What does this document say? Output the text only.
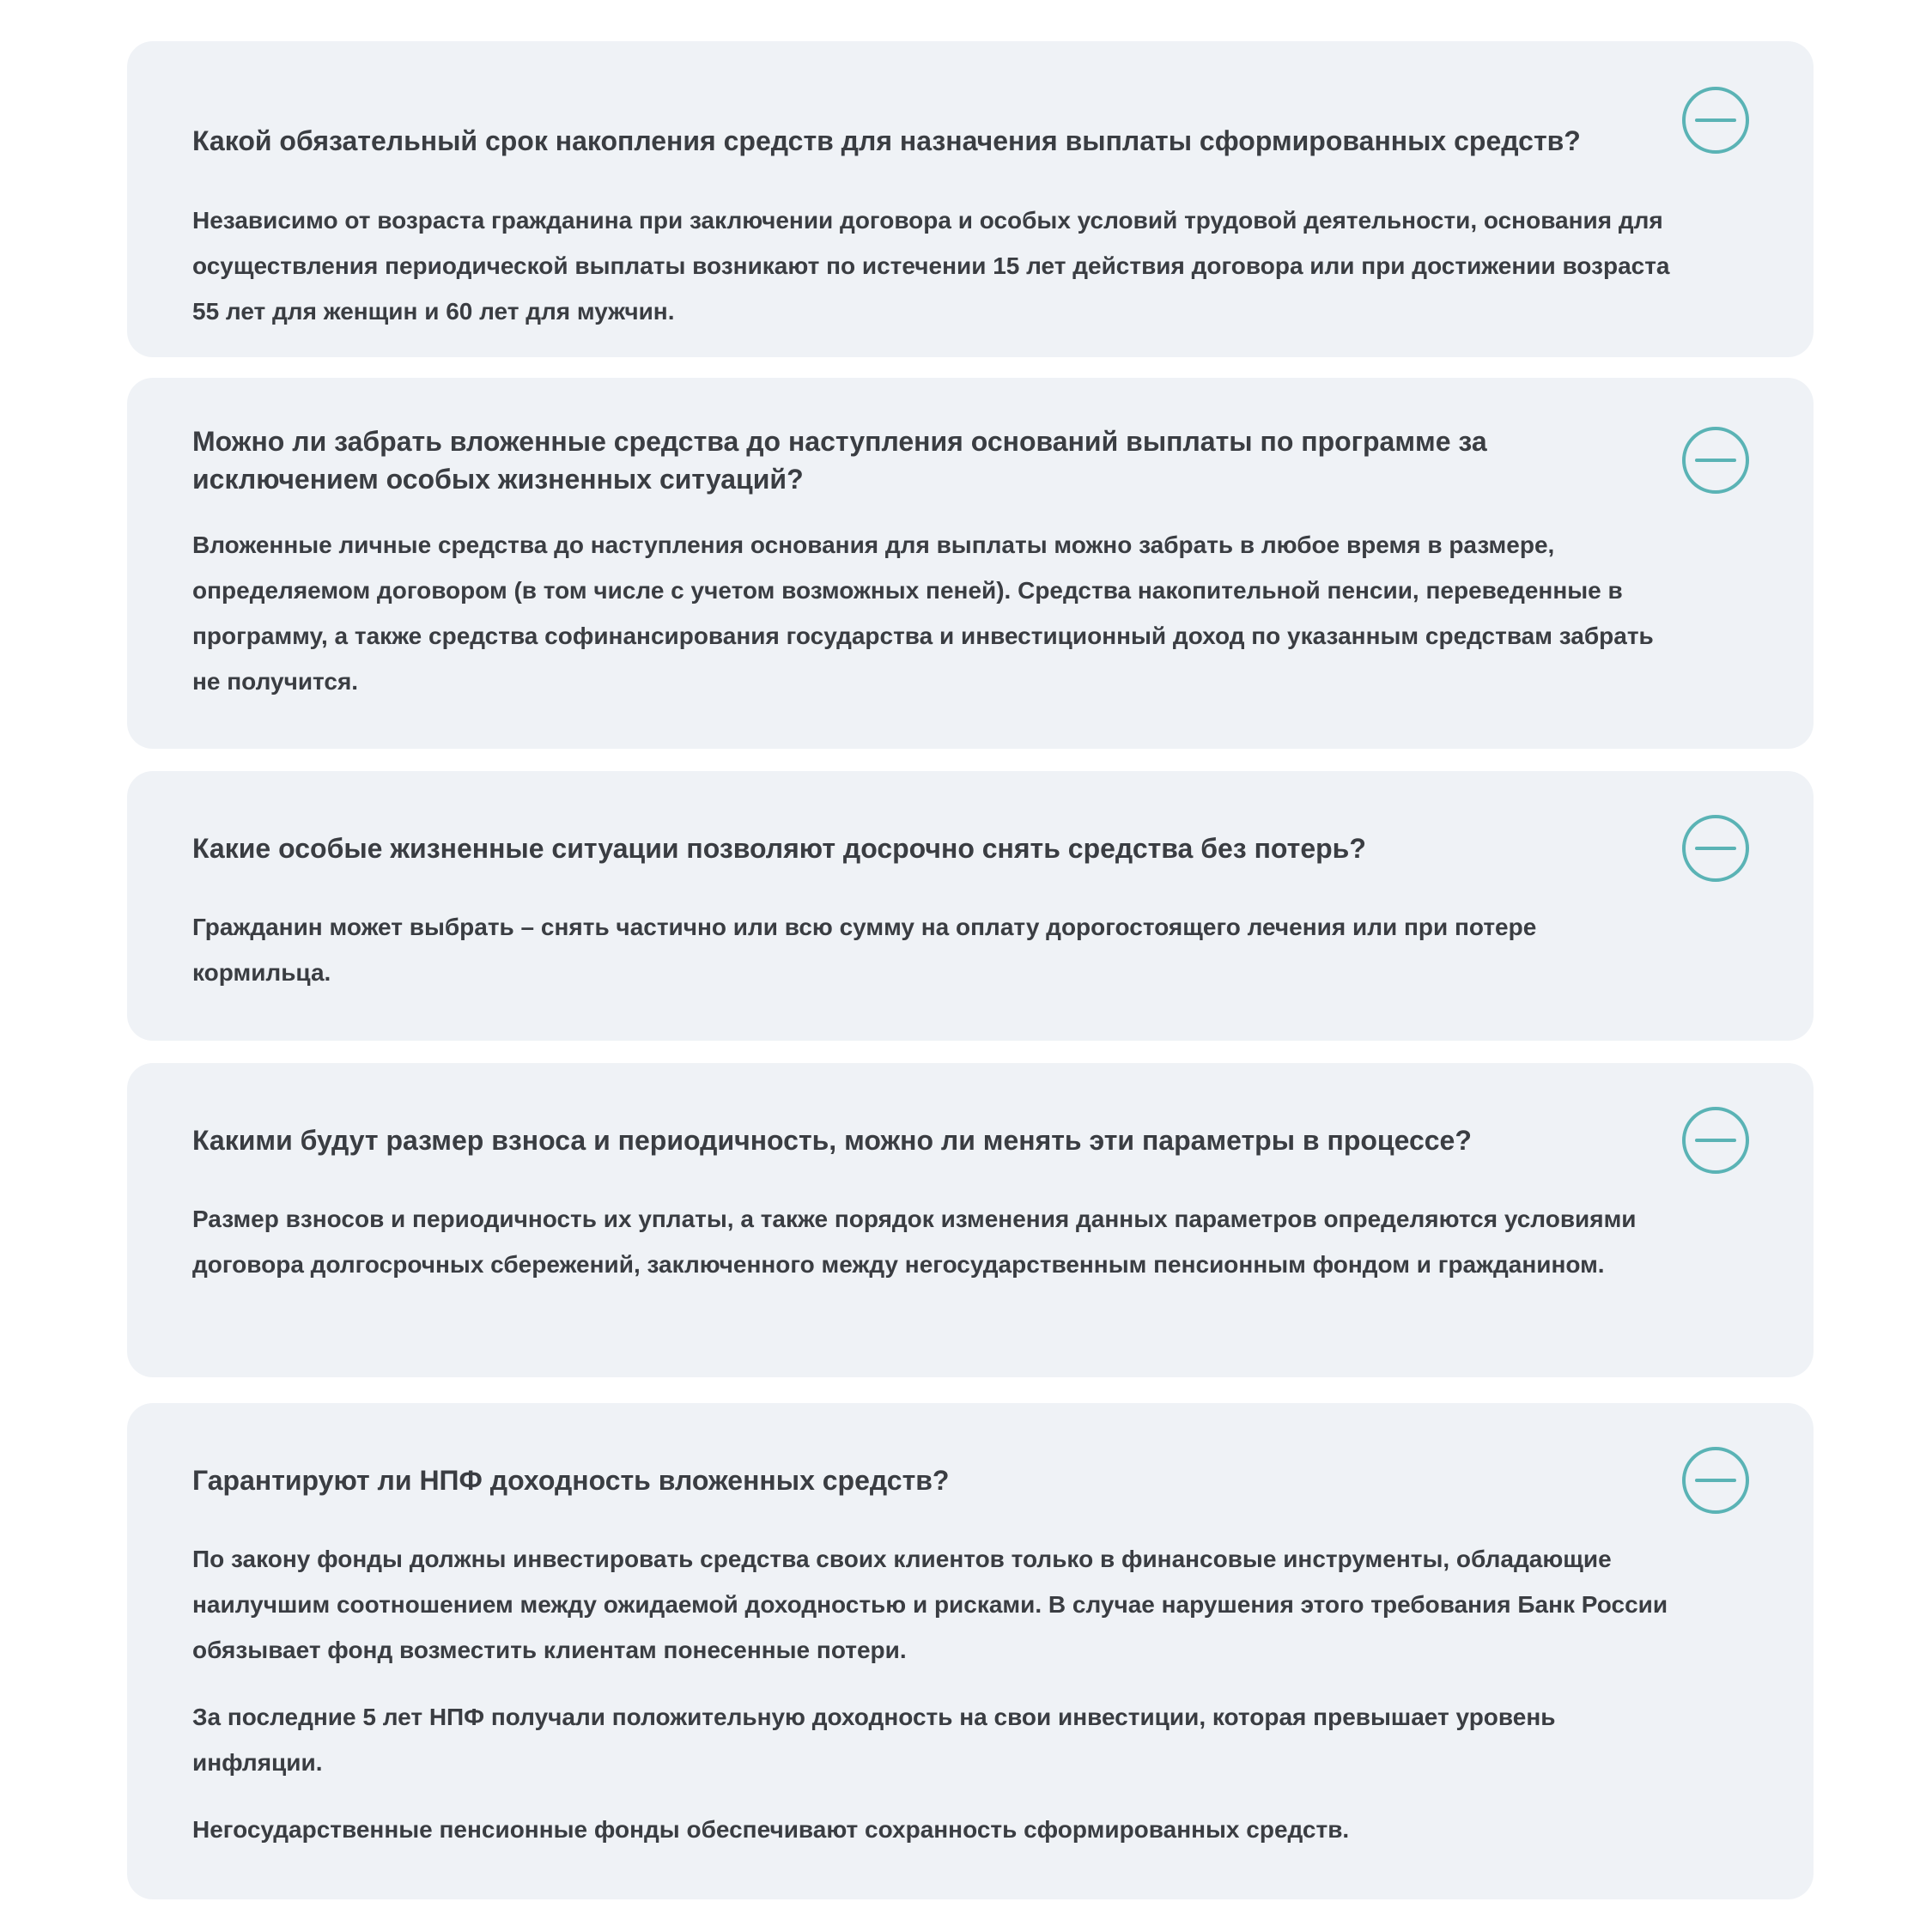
Какой обязательный срок накопления средств для назначения выплаты сформированных средств?

Независимо от возраста гражданина при заключении договора и особых условий трудовой деятельности, основания для осуществления периодической выплаты возникают по истечении 15 лет действия договора или при достижении возраста 55 лет для женщин и 60 лет для мужчин.

Можно ли забрать вложенные средства до наступления оснований выплаты по программе за исключением особых жизненных ситуаций?

Вложенные личные средства до наступления основания для выплаты можно забрать в любое время в размере, определяемом договором (в том числе с учетом возможных пеней). Средства накопительной пенсии, переведенные в программу, а также средства софинансирования государства и инвестиционный доход по указанным средствам забрать не получится.

Какие особые жизненные ситуации позволяют досрочно снять средства без потерь?

Гражданин может выбрать – снять частично или всю сумму на оплату дорогостоящего лечения или при потере кормильца.

Какими будут размер взноса и периодичность, можно ли менять эти параметры в процессе?

Размер взносов и периодичность их уплаты, а также порядок изменения данных параметров определяются условиями договора долгосрочных сбережений, заключенного между негосударственным пенсионным фондом и гражданином.

Гарантируют ли НПФ доходность вложенных средств?

По закону фонды должны инвестировать средства своих клиентов только в финансовые инструменты, обладающие наилучшим соотношением между ожидаемой доходностью и рисками. В случае нарушения этого требования Банк России обязывает фонд возместить клиентам понесенные потери.

За последние 5 лет НПФ получали положительную доходность на свои инвестиции, которая превышает уровень инфляции.

Негосударственные пенсионные фонды обеспечивают сохранность сформированных средств.
